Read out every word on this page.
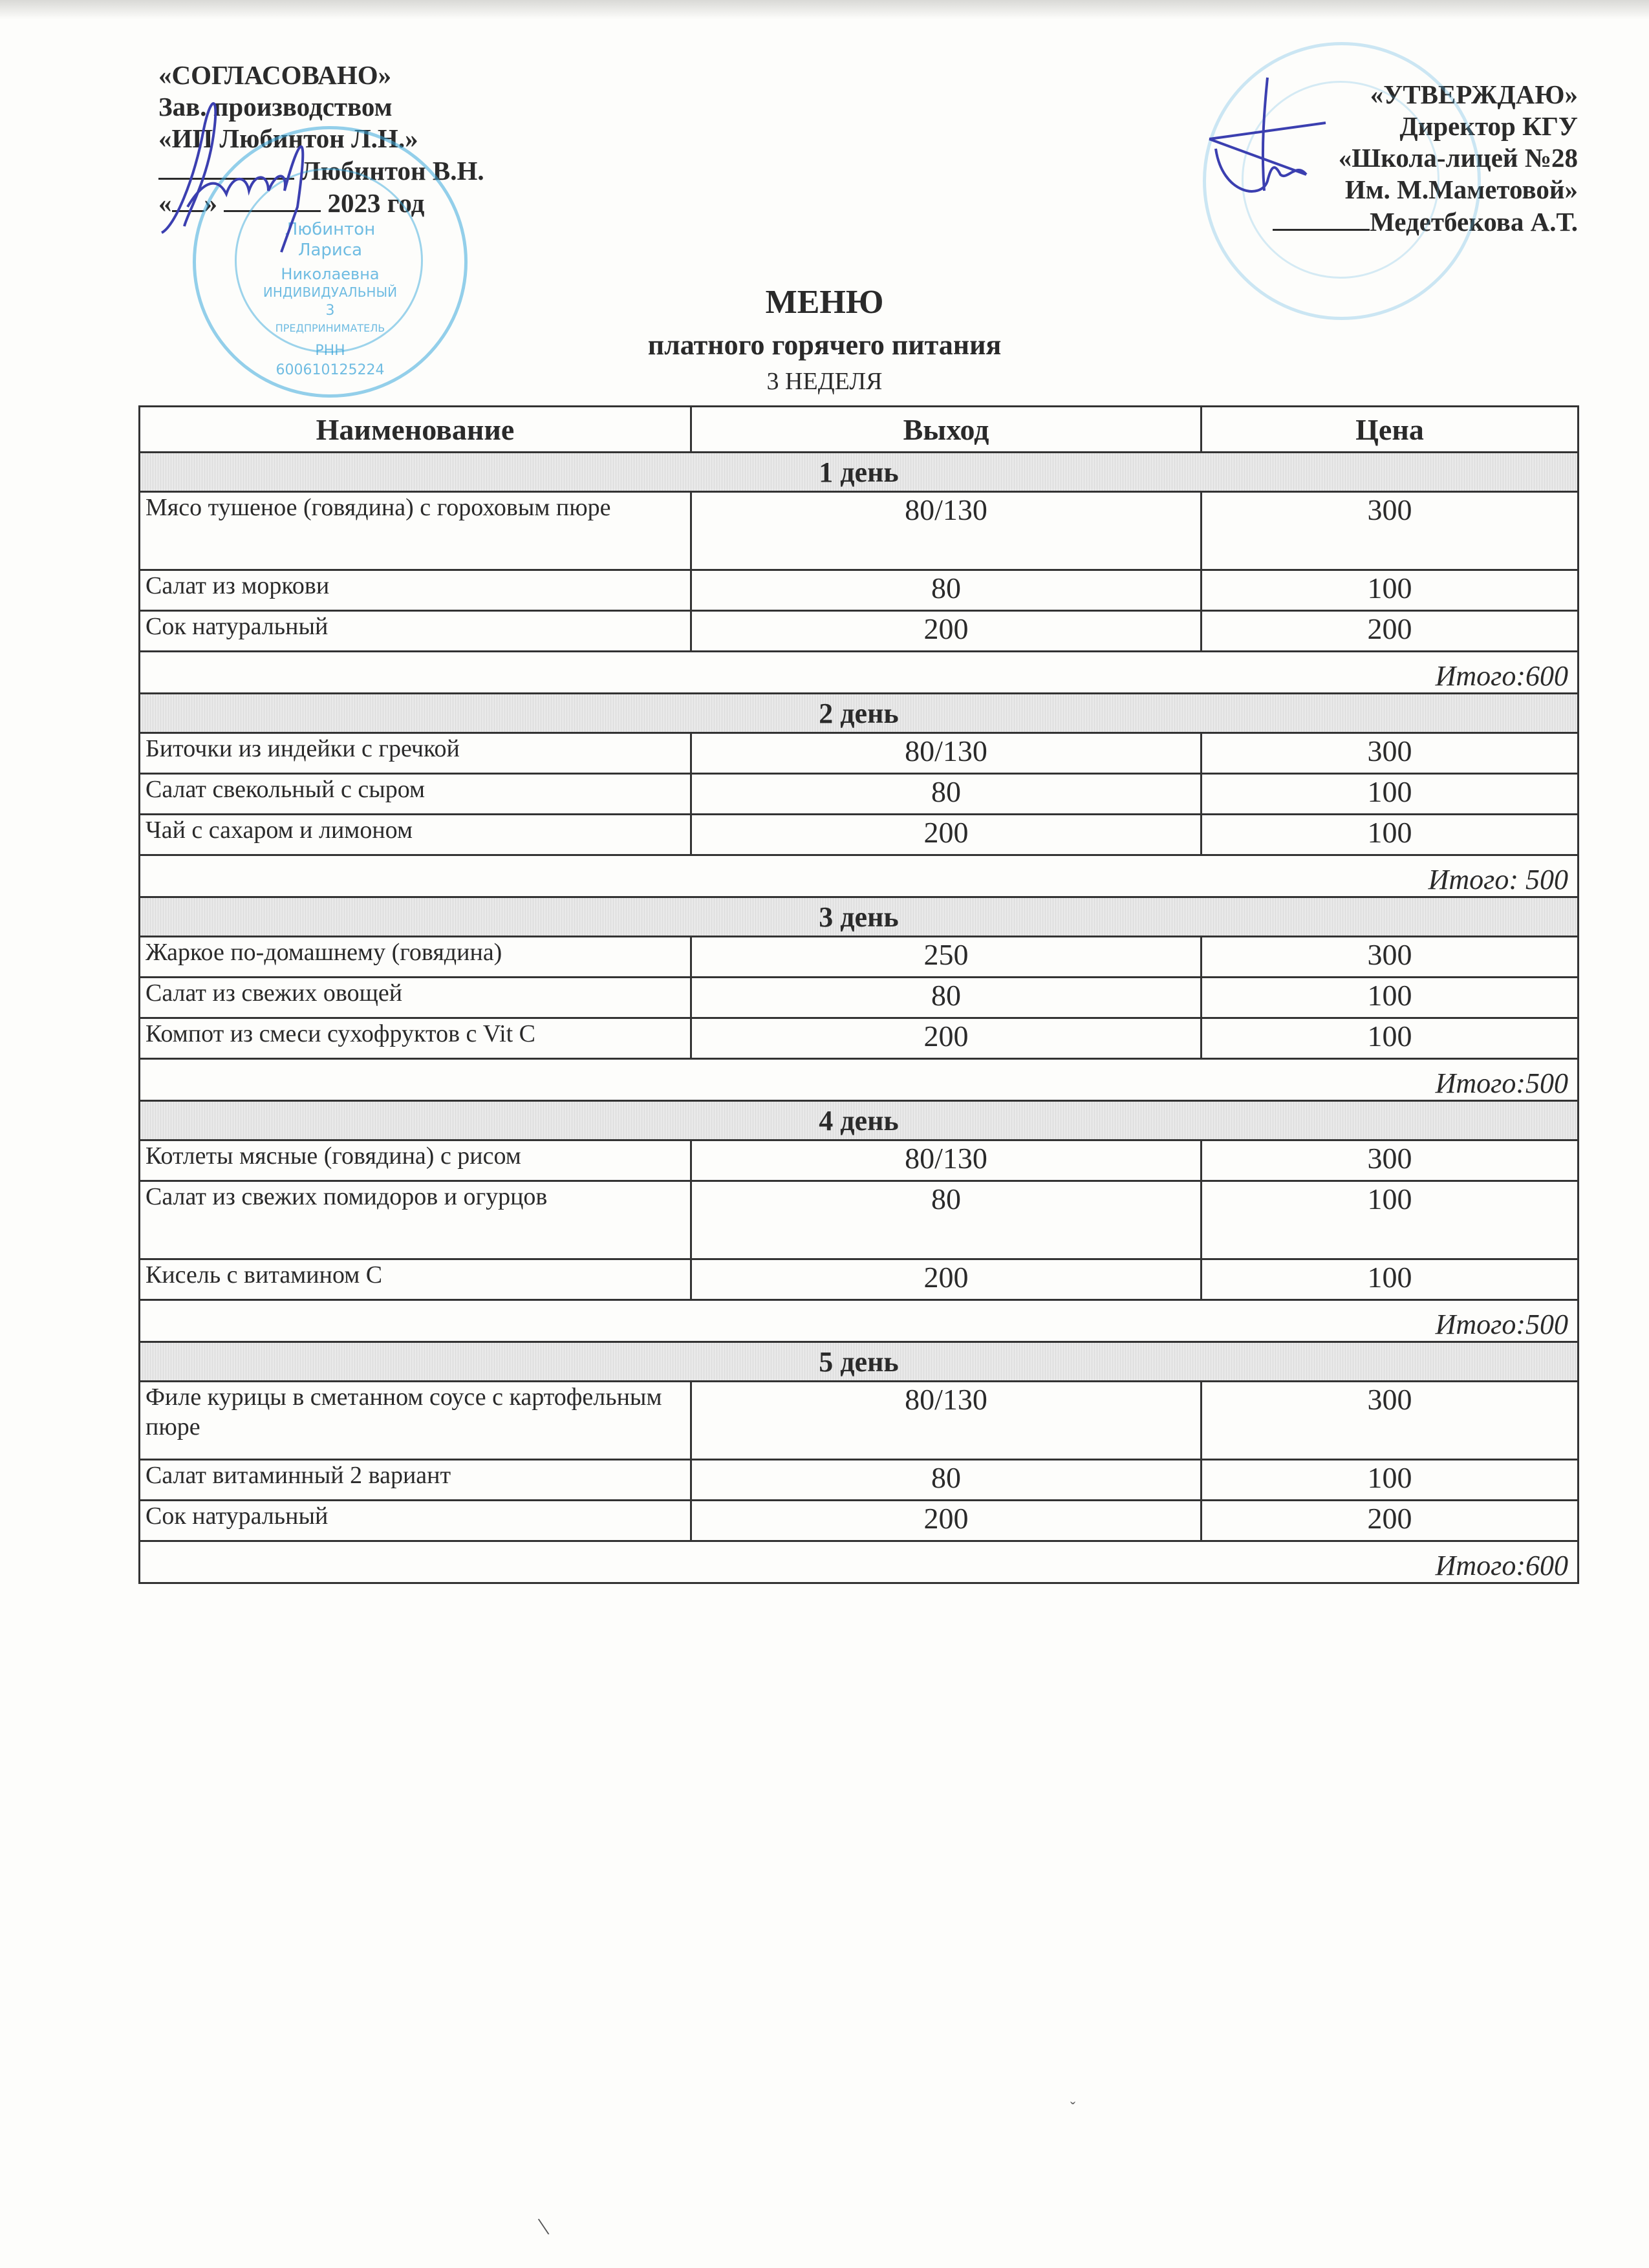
«СОГЛАСОВАНО»
Зав. производством
«ИП Любинтон Л.Н.»
Любинтон В.Н.
« »	2023 год
Любинтон
Лариса
Николаевна
ИНДИВИДУАЛЬНЫЙ
3
ПРЕДПРИНИМАТЕЛЬ
РНН
600610125224
«УТВЕРЖДАЮ»
Директор КГУ
«Школа-лицей №28
Им. М.Маметовой»
Медетбекова А.Т.
МЕНЮ
платного горячего питания
3 НЕДЕЛЯ
Наименование	Выход	Цена
1 день		
Мясо тушеное (говядина) с гороховым пюре	80/130	300
Салат из моркови	80	100
Сок натуральный	200	200
Итого:600		
2 день		
Биточки из индейки с гречкой	80/130	300
Салат свекольный с сыром	80	100
Чай с сахаром и лимоном	200	100
Итого: 500		
3 день		
Жаркое по-домашнему (говядина)	250	300
Салат из свежих овощей	80	100
Компот из смеси сухофруктов с Vit C	200	100
Итого:500		
4 день		
Котлеты мясные (говядина) с рисом	80/130	300
Салат из свежих помидоров и огурцов	80	100
Кисель с витамином С	200	100
Итого:500		
5 день		
Филе курицы в сметанном соусе с картофельным пюре	80/130	300
Салат витаминный 2 вариант	80	100
Сок натуральный	200	200
Итого:600		
\
ˇ
